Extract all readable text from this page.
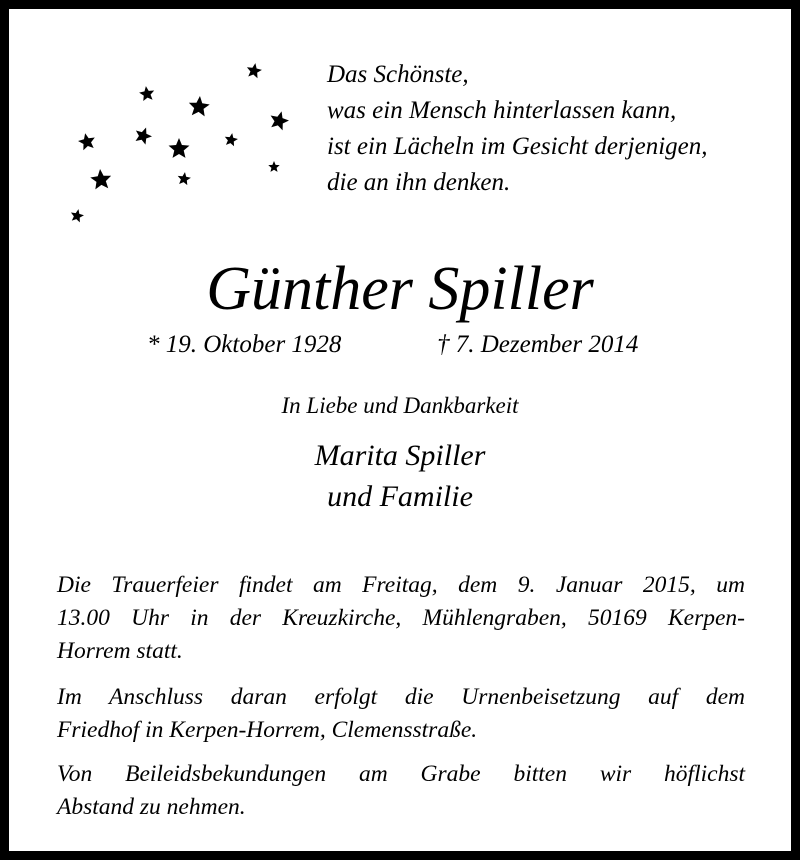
Das Schönste,
was ein Mensch hinterlassen kann,
ist ein Lächeln im Gesicht derjenigen,
die an ihn denken.
Günther Spiller
* 19. Oktober 1928	† 7. Dezember 2014
In Liebe und Dankbarkeit
Marita Spiller
und Familie
Die Trauerfeier findet am Freitag, dem 9. Januar 2015, um
13.00 Uhr in der Kreuzkirche, Mühlengraben, 50169 Kerpen-
Horrem statt.
Im Anschluss daran erfolgt die Urnenbeisetzung auf dem
Friedhof in Kerpen-Horrem, Clemensstraße.
Von Beileidsbekundungen am Grabe bitten wir höflichst
Abstand zu nehmen.
